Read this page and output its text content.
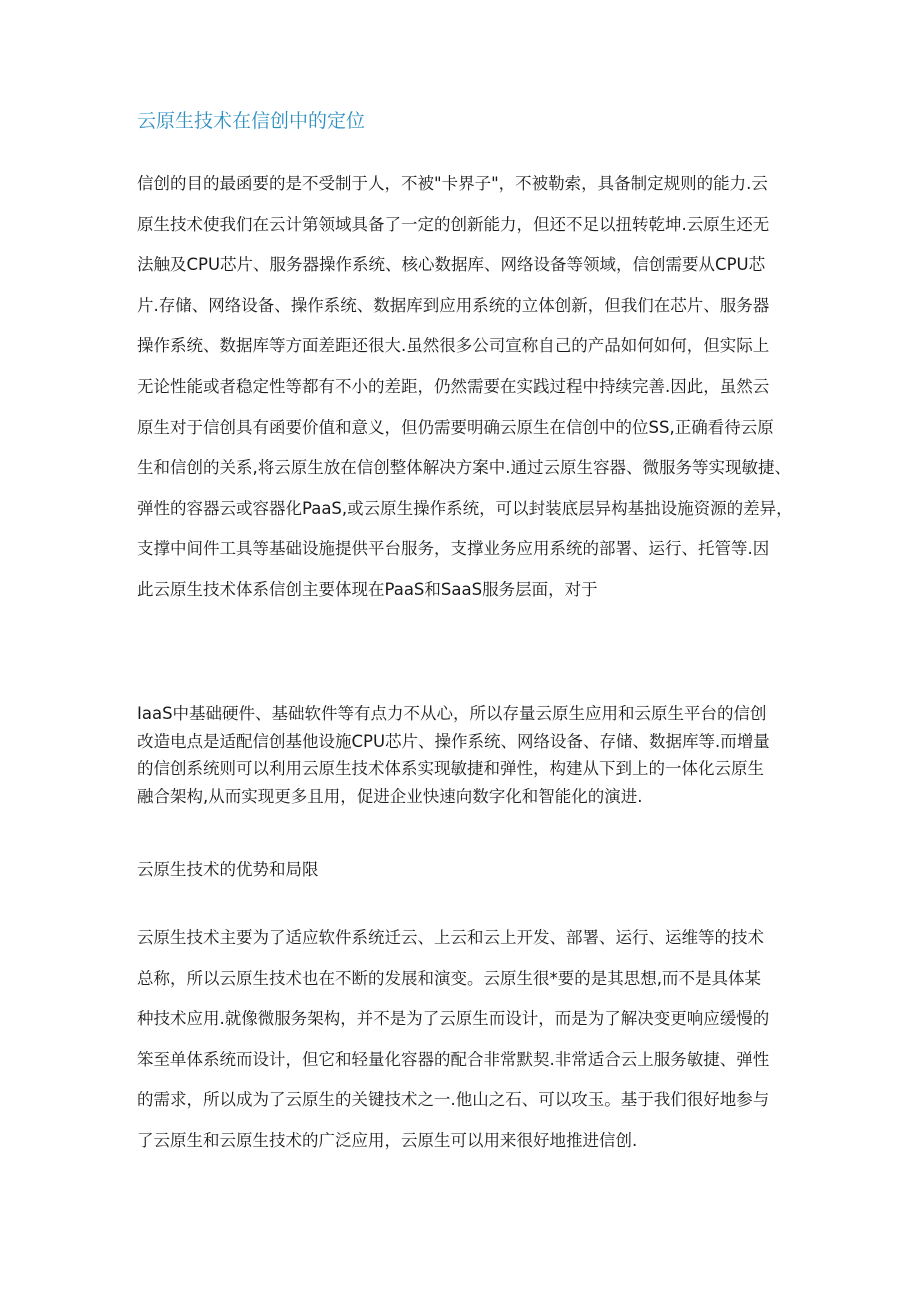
云原生技术在信创中的定位
信创的目的最函要的是不受制于人，不被"卡界子"，不被勒索，具备制定规则的能力.云
原生技术使我们在云计第领域具备了一定的创新能力，但还不足以扭转乾坤.云原生还无
法触及CPU芯片、服务器操作系统、核心数据库、网络设备等领域，信创需要从CPU芯
片.存储、网络设备、操作系统、数据库到应用系统的立体创新，但我们在芯片、服务器
操作系统、数据库等方面差距还很大.虽然很多公司宣称自己的产品如何如何，但实际上
无论性能或者稳定性等都有不小的差距，仍然需要在实践过程中持续完善.因此，虽然云
原生对于信创具有函要价值和意义，但仍需要明确云原生在信创中的位SS,正确看待云原
生和信创的关系,将云原生放在信创整体解决方案中.通过云原生容器、微服务等实现敏捷、
弹性的容器云或容器化PaaS,或云原生操作系统，可以封装底层异构基拙设施资源的差异，
支撑中间件工具等基础设施提供平台服务，支撑业务应用系统的部署、运行、托管等.因
此云原生技术体系信创主要体现在PaaS和SaaS服务层面，对于
IaaS中基础硬件、基础软件等有点力不从心，所以存量云原生应用和云原生平台的信创
改造电点是适配信创基他设施CPU芯片、操作系统、网络设备、存储、数据库等.而增量
的信创系统则可以利用云原生技术体系实现敏捷和弹性，构建从下到上的一体化云原生
融合架构,从而实现更多且用，促进企业快速向数字化和智能化的演进.
云原生技术的优势和局限
云原生技术主要为了适应软件系统迁云、上云和云上开发、部署、运行、运维等的技术
总称，所以云原生技术也在不断的发展和演变。云原生很*要的是其思想,而不是具体某
种技术应用.就像微服务架构，并不是为了云原生而设计，而是为了解决变更响应缓慢的
笨至单体系统而设计，但它和轻量化容器的配合非常默契.非常适合云上服务敏捷、弹性
的需求，所以成为了云原生的关键技术之一.他山之石、可以攻玉。基于我们很好地参与
了云原生和云原生技术的广泛应用，云原生可以用来很好地推进信创.
